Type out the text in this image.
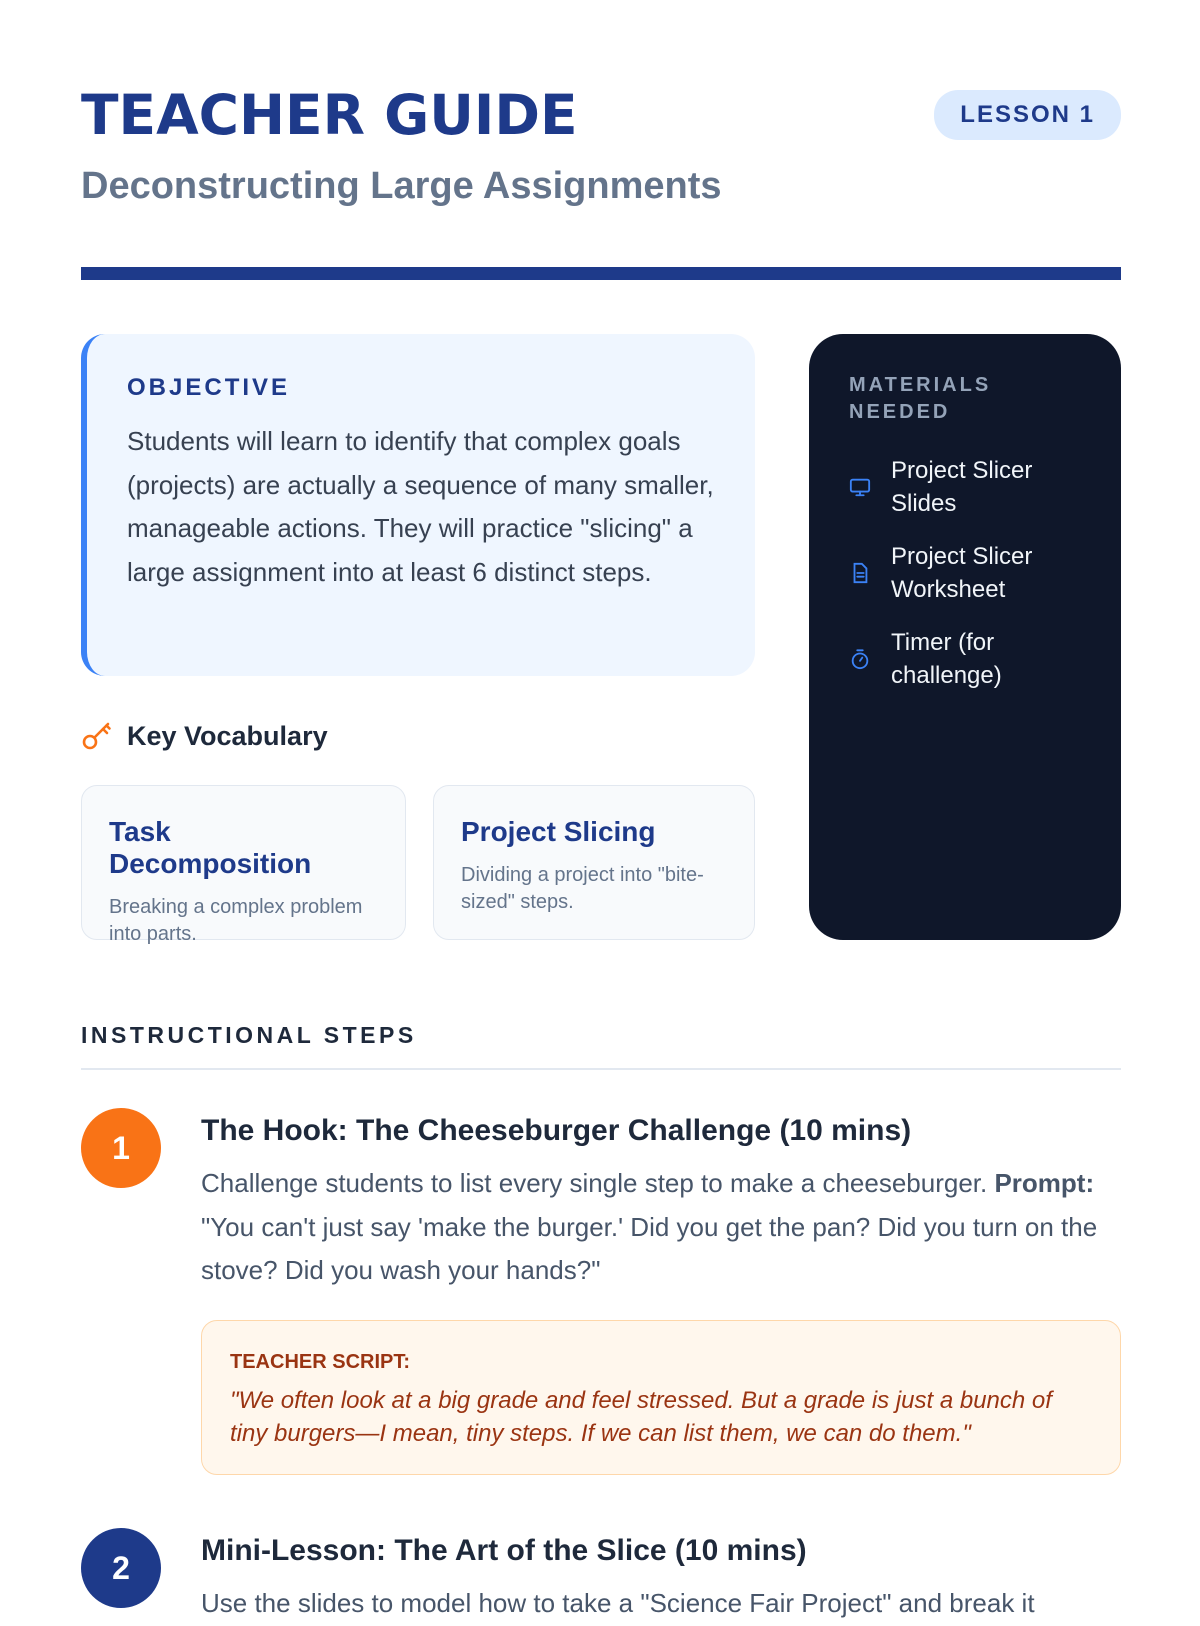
TEACHER GUIDE
Deconstructing Large Assignments
LESSON 1
OBJECTIVE

Students will learn to identify that complex goals (projects) are actually a sequence of many smaller, manageable actions. They will practice "slicing" a large assignment into at least 6 distinct steps.

Key Vocabulary
Task Decomposition
Breaking a complex problem into parts.
Project Slicing
Dividing a project into "bite-sized" steps.
MATERIALS NEEDED
Project Slicer Slides
Project Slicer Worksheet
Timer (for challenge)
INSTRUCTIONAL STEPS
1	The Hook: The Cheeseburger Challenge (10 mins)
Challenge students to list every single step to make a cheeseburger. Prompt: "You can't just say 'make the burger.' Did you get the pan? Did you turn on the stove? Did you wash your hands?"
TEACHER SCRIPT:
"We often look at a big grade and feel stressed. But a grade is just a bunch of tiny burgers—I mean, tiny steps. If we can list them, we can do them."
2	Mini-Lesson: The Art of the Slice (10 mins)
Use the slides to model how to take a "Science Fair Project" and break it
